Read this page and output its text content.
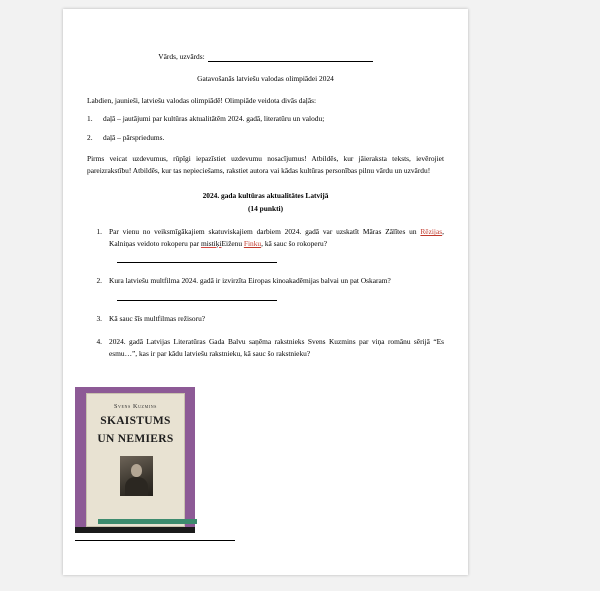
Vārds, uzvārds:
Gatavošanās latviešu valodas olimpiādei 2024

Labdien, jaunieši, latviešu valodas olimpiādē! Olimpiāde veidota divās daļās:

1.	daļā – jautājumi par kultūras aktualitātēm 2024. gadā, literatūru un valodu;
2.	daļā – pārspriedums.

Pirms veicat uzdevumus, rūpīgi iepazīstiet uzdevumu nosacījumus! Atbildēs, kur jāieraksta teksts, ievērojiet pareizrakstību! Atbildēs, kur tas nepieciešams, rakstiet autora vai kādas kultūras personības pilnu vārdu un uzvārdu!

2024. gada kultūras aktualitātes Latvijā
(14 punkti)
1. Par vienu no veiksmīgākajiem skatuviskajiem darbiem 2024. gadā var uzskatīt Māras Zālītes un Rēzijas, Kalniņas veidoto rokoperu par mistiķiEiženu Finku, kā sauc šo rokoperu?
2. Kura latviešu multfilma 2024. gadā ir izvirzīta Eiropas kinoakadēmijas balvai un pat Oskaram?
3. Kā sauc šīs multfilmas režisoru?
4. 2024. gadā Latvijas Literatūras Gada Balvu saņēma rakstnieks Svens Kuzmins par viņa romānu sērijā “Es esmu…”, kas ir par kādu latviešu rakstnieku, kā sauc šo rakstnieku?
Svens Kuzmins
SKAISTUMS
UN NEMIERS
